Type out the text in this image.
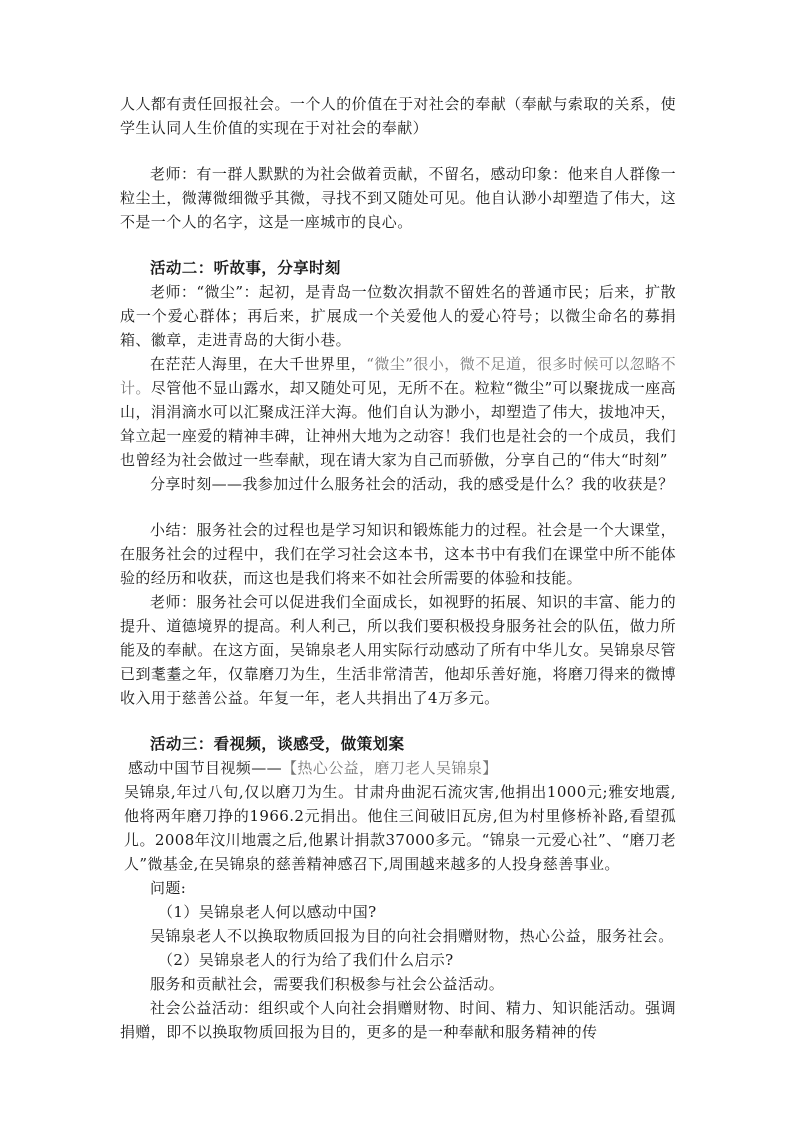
人人都有责任回报社会。一个人的价值在于对社会的奉献（奉献与索取的关系，使学生认同人生价值的实现在于对社会的奉献）

老师：有一群人默默的为社会做着贡献，不留名，感动印象：他来自人群像一粒尘土，微薄微细微乎其微，寻找不到又随处可见。他自认渺小却塑造了伟大，这不是一个人的名字，这是一座城市的良心。

活动二：听故事，分享时刻

老师：“微尘”：起初，是青岛一位数次捐款不留姓名的普通市民；后来，扩散成一个爱心群体；再后来，扩展成一个关爱他人的爱心符号；以微尘命名的募捐箱、徽章，走进青岛的大街小巷。

在茫茫人海里，在大千世界里，“微尘”很小，微不足道，很多时候可以忽略不计。尽管他不显山露水，却又随处可见，无所不在。粒粒“微尘”可以聚拢成一座高山，涓涓滴水可以汇聚成汪洋大海。他们自认为渺小，却塑造了伟大，拔地冲天，耸立起一座爱的精神丰碑，让神州大地为之动容！我们也是社会的一个成员，我们也曾经为社会做过一些奉献，现在请大家为自己而骄傲，分享自己的“伟大“时刻”

分享时刻——我参加过什么服务社会的活动，我的感受是什么？我的收获是？

小结：服务社会的过程也是学习知识和锻炼能力的过程。社会是一个大课堂，在服务社会的过程中，我们在学习社会这本书，这本书中有我们在课堂中所不能体验的经历和收获，而这也是我们将来不如社会所需要的体验和技能。

老师：服务社会可以促进我们全面成长，如视野的拓展、知识的丰富、能力的提升、道德境界的提高。利人利己，所以我们要积极投身服务社会的队伍，做力所能及的奉献。在这方面，吴锦泉老人用实际行动感动了所有中华儿女。吴锦泉尽管已到耄耋之年，仅靠磨刀为生，生活非常清苦，他却乐善好施，将磨刀得来的微博收入用于慈善公益。年复一年，老人共捐出了4万多元。

活动三：看视频，谈感受，做策划案

感动中国节目视频——【热心公益，磨刀老人吴锦泉】

吴锦泉,年过八旬,仅以磨刀为生。甘肃舟曲泥石流灾害,他捐出1000元;雅安地震,他将两年磨刀挣的1966.2元捐出。他住三间破旧瓦房,但为村里修桥补路,看望孤儿。2008年汶川地震之后,他累计捐款37000多元。“锦泉一元爱心社”、“磨刀老人”微基金,在吴锦泉的慈善精神感召下,周围越来越多的人投身慈善事业。

问题:

（1）吴锦泉老人何以感动中国?

吴锦泉老人不以换取物质回报为目的向社会捐赠财物，热心公益，服务社会。

（2）吴锦泉老人的行为给了我们什么启示?

服务和贡献社会，需要我们积极参与社会公益活动。

社会公益活动：组织或个人向社会捐赠财物、时间、精力、知识能活动。强调捐赠，即不以换取物质回报为目的，更多的是一种奉献和服务精神的传
